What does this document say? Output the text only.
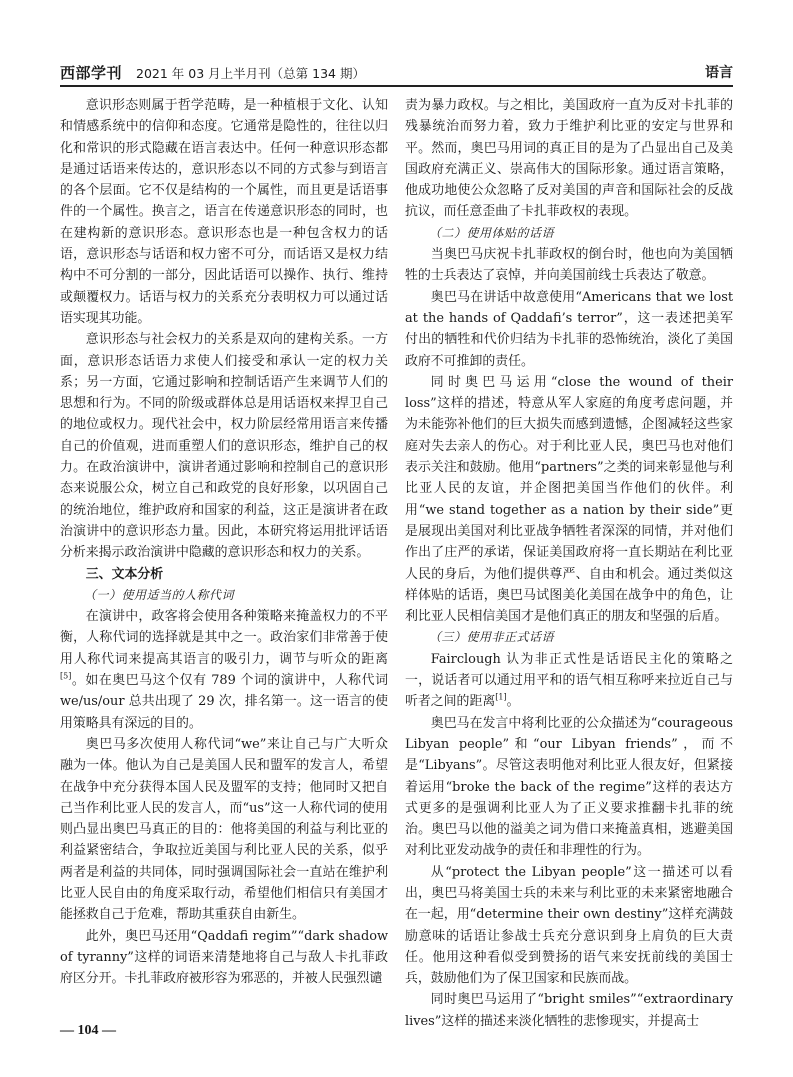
西部学刊 2021 年 03 月上半月刊（总第 134 期）	语言

意识形态则属于哲学范畴，是一种植根于文化、认知和情感系统中的信仰和态度。它通常是隐性的，往往以归化和常识的形式隐藏在语言表达中。任何一种意识形态都是通过话语来传达的，意识形态以不同的方式参与到语言的各个层面。它不仅是结构的一个属性，而且更是话语事件的一个属性。换言之，语言在传递意识形态的同时，也在建构新的意识形态。意识形态也是一种包含权力的话语，意识形态与话语和权力密不可分，而话语又是权力结构中不可分割的一部分，因此话语可以操作、执行、维持或颠覆权力。话语与权力的关系充分表明权力可以通过话语实现其功能。

意识形态与社会权力的关系是双向的建构关系。一方面，意识形态话语力求使人们接受和承认一定的权力关系；另一方面，它通过影响和控制话语产生来调节人们的思想和行为。不同的阶级或群体总是用话语权来捍卫自己的地位或权力。现代社会中，权力阶层经常用语言来传播自己的价值观，进而重塑人们的意识形态，维护自己的权力。在政治演讲中，演讲者通过影响和控制自己的意识形态来说服公众，树立自己和政党的良好形象，以巩固自己的统治地位，维护政府和国家的利益，这正是演讲者在政治演讲中的意识形态力量。因此，本研究将运用批评话语分析来揭示政治演讲中隐藏的意识形态和权力的关系。

三、文本分析
（一）使用适当的人称代词

在演讲中，政客将会使用各种策略来掩盖权力的不平衡，人称代词的选择就是其中之一。政治家们非常善于使用人称代词来提高其语言的吸引力，调节与听众的距离[5]。如在奥巴马这个仅有 789 个词的演讲中，人称代词 we/us/our 总共出现了 29 次，排名第一。这一语言的使用策略具有深远的目的。

奥巴马多次使用人称代词“we”来让自己与广大听众融为一体。他认为自己是美国人民和盟军的发言人，希望在战争中充分获得本国人民及盟军的支持；他同时又把自己当作利比亚人民的发言人，而“us”这一人称代词的使用则凸显出奥巴马真正的目的：他将美国的利益与利比亚的利益紧密结合，争取拉近美国与利比亚人民的关系，似乎两者是利益的共同体，同时强调国际社会一直站在维护利比亚人民自由的角度采取行动，希望他们相信只有美国才能拯救自己于危难，帮助其重获自由新生。

此外，奥巴马还用“Qaddafi regim”“dark shadow of tyranny”这样的词语来清楚地将自己与敌人卡扎菲政府区分开。卡扎菲政府被形容为邪恶的，并被人民强烈谴

责为暴力政权。与之相比，美国政府一直为反对卡扎菲的残暴统治而努力着，致力于维护利比亚的安定与世界和平。然而，奥巴马用词的真正目的是为了凸显出自己及美国政府充满正义、崇高伟大的国际形象。通过语言策略，他成功地使公众忽略了反对美国的声音和国际社会的反战抗议，而任意歪曲了卡扎菲政权的表现。

（二）使用体贴的话语

当奥巴马庆祝卡扎菲政权的倒台时，他也向为美国牺牲的士兵表达了哀悼，并向美国前线士兵表达了敬意。

奥巴马在讲话中故意使用“Americans that we lost at the hands of Qaddafi’s terror”，这一表述把美军付出的牺牲和代价归结为卡扎菲的恐怖统治，淡化了美国政府不可推卸的责任。

同时奥巴马运用“close the wound of their loss”这样的措述，特意从军人家庭的角度考虑问题，并为未能弥补他们的巨大损失而感到遗憾，企图减轻这些家庭对失去亲人的伤心。对于利比亚人民，奥巴马也对他们表示关注和鼓励。他用“partners”之类的词来彰显他与利比亚人民的友谊，并企图把美国当作他们的伙伴。利用“we stand together as a nation by their side”更是展现出美国对利比亚战争牺牲者深深的同情，并对他们作出了庄严的承诺，保证美国政府将一直长期站在利比亚人民的身后，为他们提供尊严、自由和机会。通过类似这样体贴的话语，奥巴马试图美化美国在战争中的角色，让利比亚人民相信美国才是他们真正的朋友和坚强的后盾。

（三）使用非正式话语

Fairclough 认为非正式性是话语民主化的策略之一，说话者可以通过用平和的语气相互称呼来拉近自己与听者之间的距离[1]。

奥巴马在发言中将利比亚的公众描述为“courageous Libyan people”和“our Libyan friends”，而不是“Libyans”。尽管这表明他对利比亚人很友好，但紧接着运用“broke the back of the regime”这样的表达方式更多的是强调利比亚人为了正义要求推翻卡扎菲的统治。奥巴马以他的溢美之词为借口来掩盖真相，逃避美国对利比亚发动战争的责任和非理性的行为。

从“protect the Libyan people”这一描述可以看出，奥巴马将美国士兵的未来与利比亚的未来紧密地融合在一起，用“determine their own destiny”这样充满鼓励意味的话语让参战士兵充分意识到身上肩负的巨大责任。他用这种看似受到赞扬的语气来安抚前线的美国士兵，鼓励他们为了保卫国家和民族而战。

同时奥巴马运用了“bright smiles”“extraordinary lives”这样的描述来淡化牺牲的悲惨现实，并提高士

— 104 —
